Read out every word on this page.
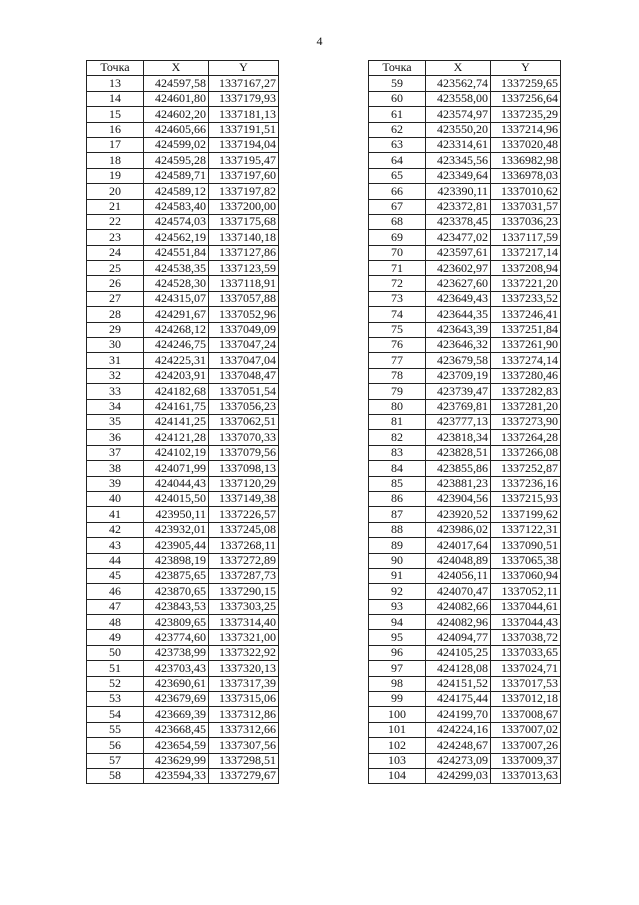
4
Точка	X	Y
13	424597,58	1337167,27
14	424601,80	1337179,93
15	424602,20	1337181,13
16	424605,66	1337191,51
17	424599,02	1337194,04
18	424595,28	1337195,47
19	424589,71	1337197,60
20	424589,12	1337197,82
21	424583,40	1337200,00
22	424574,03	1337175,68
23	424562,19	1337140,18
24	424551,84	1337127,86
25	424538,35	1337123,59
26	424528,30	1337118,91
27	424315,07	1337057,88
28	424291,67	1337052,96
29	424268,12	1337049,09
30	424246,75	1337047,24
31	424225,31	1337047,04
32	424203,91	1337048,47
33	424182,68	1337051,54
34	424161,75	1337056,23
35	424141,25	1337062,51
36	424121,28	1337070,33
37	424102,19	1337079,56
38	424071,99	1337098,13
39	424044,43	1337120,29
40	424015,50	1337149,38
41	423950,11	1337226,57
42	423932,01	1337245,08
43	423905,44	1337268,11
44	423898,19	1337272,89
45	423875,65	1337287,73
46	423870,65	1337290,15
47	423843,53	1337303,25
48	423809,65	1337314,40
49	423774,60	1337321,00
50	423738,99	1337322,92
51	423703,43	1337320,13
52	423690,61	1337317,39
53	423679,69	1337315,06
54	423669,39	1337312,86
55	423668,45	1337312,66
56	423654,59	1337307,56
57	423629,99	1337298,51
58	423594,33	1337279,67
Точка	X	Y
59	423562,74	1337259,65
60	423558,00	1337256,64
61	423574,97	1337235,29
62	423550,20	1337214,96
63	423314,61	1337020,48
64	423345,56	1336982,98
65	423349,64	1336978,03
66	423390,11	1337010,62
67	423372,81	1337031,57
68	423378,45	1337036,23
69	423477,02	1337117,59
70	423597,61	1337217,14
71	423602,97	1337208,94
72	423627,60	1337221,20
73	423649,43	1337233,52
74	423644,35	1337246,41
75	423643,39	1337251,84
76	423646,32	1337261,90
77	423679,58	1337274,14
78	423709,19	1337280,46
79	423739,47	1337282,83
80	423769,81	1337281,20
81	423777,13	1337273,90
82	423818,34	1337264,28
83	423828,51	1337266,08
84	423855,86	1337252,87
85	423881,23	1337236,16
86	423904,56	1337215,93
87	423920,52	1337199,62
88	423986,02	1337122,31
89	424017,64	1337090,51
90	424048,89	1337065,38
91	424056,11	1337060,94
92	424070,47	1337052,11
93	424082,66	1337044,61
94	424082,96	1337044,43
95	424094,77	1337038,72
96	424105,25	1337033,65
97	424128,08	1337024,71
98	424151,52	1337017,53
99	424175,44	1337012,18
100	424199,70	1337008,67
101	424224,16	1337007,02
102	424248,67	1337007,26
103	424273,09	1337009,37
104	424299,03	1337013,63
